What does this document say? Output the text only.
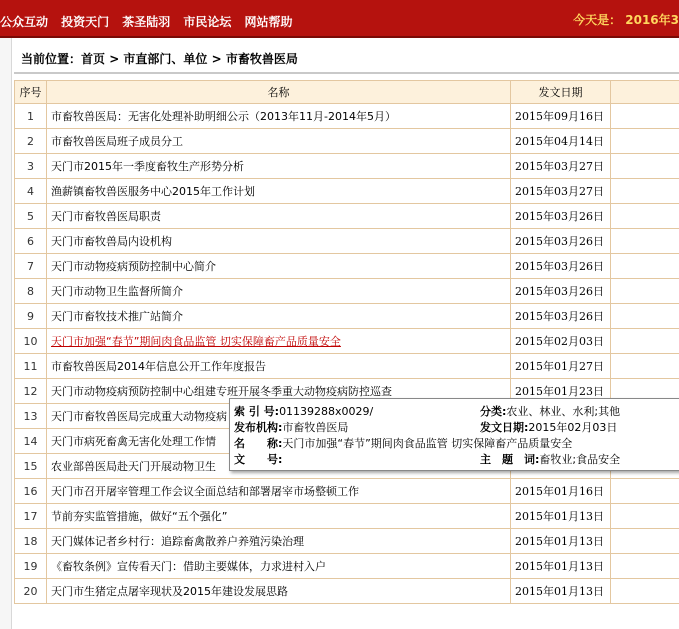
公众互动 投资天门 茶圣陆羽 市民论坛 网站帮助	今天是： 2016年3
当前位置：首页 > 市直部门、单位 > 市畜牧兽医局
序号	名称	发文日期	
1	市畜牧兽医局：无害化处理补助明细公示（2013年11月-2014年5月）	2015年09月16日	
2	市畜牧兽医局班子成员分工	2015年04月14日	
3	天门市2015年一季度畜牧生产形势分析	2015年03月27日	
4	渔薪镇畜牧兽医服务中心2015年工作计划	2015年03月27日	
5	天门市畜牧兽医局职责	2015年03月26日	
6	天门市畜牧兽局内设机构	2015年03月26日	
7	天门市动物疫病预防控制中心简介	2015年03月26日	
8	天门市动物卫生监督所简介	2015年03月26日	
9	天门市畜牧技术推广站简介	2015年03月26日	
10	天门市加强“春节”期间肉食品监管 切实保障畜产品质量安全	2015年02月03日	
11	市畜牧兽医局2014年信息公开工作年度报告	2015年01月27日	
12	天门市动物疫病预防控制中心组建专班开展冬季重大动物疫病防控巡查	2015年01月23日	
13	天门市畜牧兽医局完成重大动物疫病		
14	天门市病死畜禽无害化处理工作情		
15	农业部兽医局赴天门开展动物卫生		
16	天门市召开屠宰管理工作会议全面总结和部署屠宰市场整顿工作	2015年01月16日	
17	节前夯实监管措施，做好“五个强化”	2015年01月13日	
18	天门媒体记者乡村行：追踪畜禽散养户养殖污染治理	2015年01月13日	
19	《畜牧条例》宣传看天门：借助主要媒体，力求进村入户	2015年01月13日	
20	天门市生猪定点屠宰现状及2015年建设发展思路	2015年01月13日	
索 引 号:01139288x0029/	分类:农业、林业、水利;其他
发布机构:市畜牧兽医局	发文日期:2015年02月03日
名　　称:天门市加强“春节”期间肉食品监管 切实保障畜产品质量安全
文　　号:	主　题　词:畜牧业;食品安全
